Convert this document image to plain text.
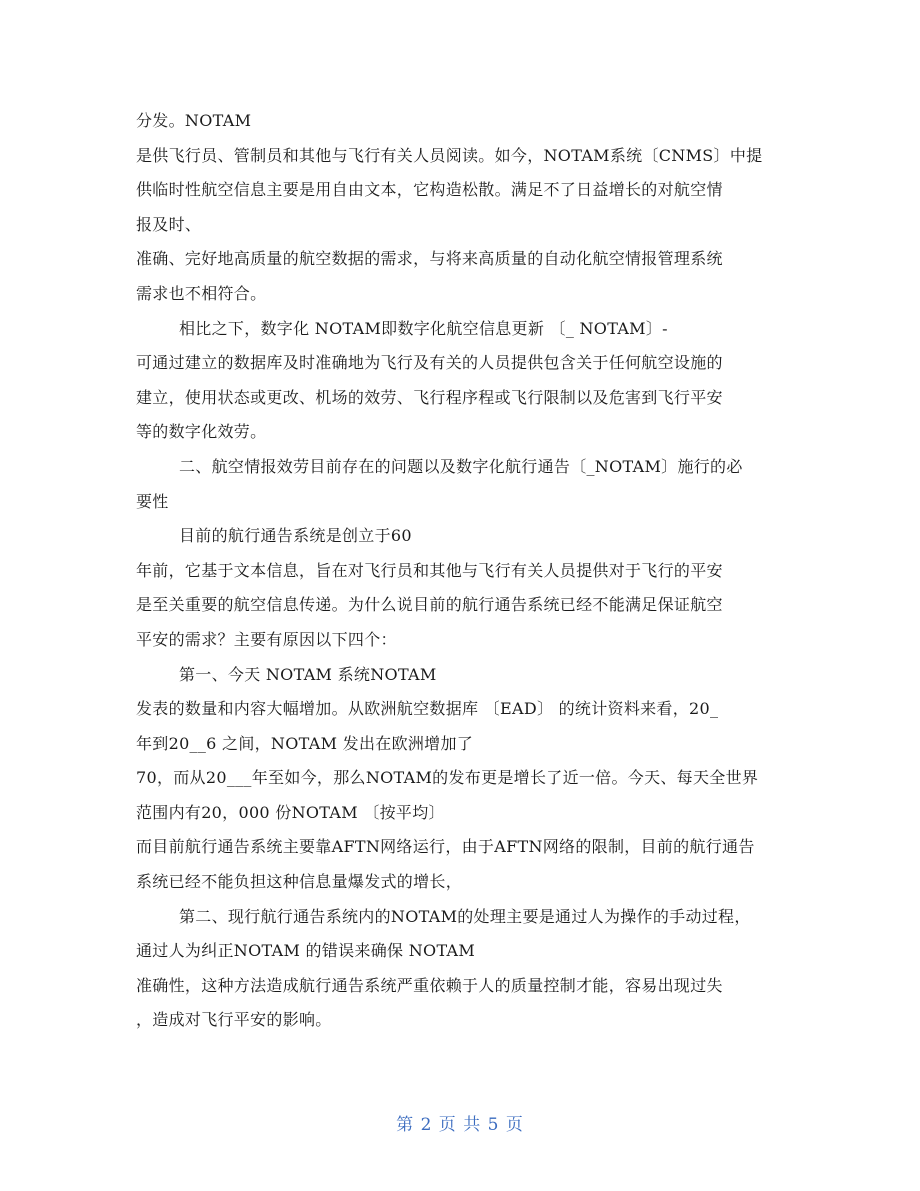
分发。NOTAM
是供飞行员、管制员和其他与飞行有关人员阅读。如今，NOTAM系统〔CNMS〕中提
供临时性航空信息主要是用自由文本，它构造松散。满足不了日益增长的对航空情
报及时、
准确、完好地高质量的航空数据的需求，与将来高质量的自动化航空情报管理系统
需求也不相符合。
相比之下，数字化 NOTAM即数字化航空信息更新 〔_ NOTAM〕-
可通过建立的数据库及时准确地为飞行及有关的人员提供包含关于任何航空设施的
建立，使用状态或更改、机场的效劳、飞行程序程或飞行限制以及危害到飞行平安
等的数字化效劳。
二、航空情报效劳目前存在的问题以及数字化航行通告〔_NOTAM〕施行的必
要性
目前的航行通告系统是创立于60
年前，它基于文本信息，旨在对飞行员和其他与飞行有关人员提供对于飞行的平安
是至关重要的航空信息传递。为什么说目前的航行通告系统已经不能满足保证航空
平安的需求？主要有原因以下四个：
第一、今天 NOTAM 系统NOTAM
发表的数量和内容大幅增加。从欧洲航空数据库 〔EAD〕 的统计资料来看，20_
年到20__6 之间，NOTAM 发出在欧洲增加了
70，而从20___年至如今，那么NOTAM的发布更是增长了近一倍。今天、每天全世界
范围内有20，000 份NOTAM 〔按平均〕
而目前航行通告系统主要靠AFTN网络运行，由于AFTN网络的限制，目前的航行通告
系统已经不能负担这种信息量爆发式的增长，
第二、现行航行通告系统内的NOTAM的处理主要是通过人为操作的手动过程，
通过人为纠正NOTAM 的错误来确保 NOTAM
准确性，这种方法造成航行通告系统严重依赖于人的质量控制才能，容易出现过失
，造成对飞行平安的影响。
第 2 页 共 5 页
